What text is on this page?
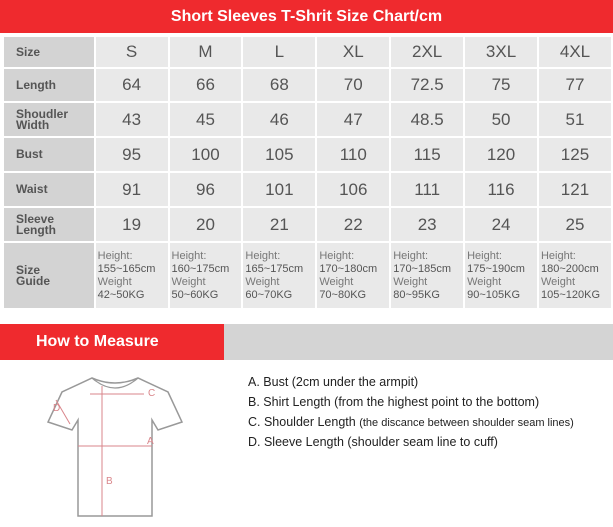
Short Sleeves T-Shrit Size Chart/cm
Size	S	M	L	XL	2XL	3XL	4XL
Length	64	66	68	70	72.5	75	77
Shoudler
Width	43	45	46	47	48.5	50	51
Bust	95	100	105	110	115	120	125
Waist	91	96	101	106	111	116	121
Sleeve
Length	19	20	21	22	23	24	25
Size
Guide	Height:
155~165cm
Weight
42~50KG	Height:
160~175cm
Weight
50~60KG	Height:
165~175cm
Weight
60~70KG	Height:
170~180cm
Weight
70~80KG	Height:
170~185cm
Weight
80~95KG	Height:
175~190cm
Weight
90~105KG	Height:
180~200cm
Weight
105~120KG
How to Measure
C
D
A
B
A. Bust (2cm under the armpit)
B. Shirt Length (from the highest point to the bottom)
C. Shoulder Length (the discance between shoulder seam lines)
D. Sleeve Length (shoulder seam line to cuff)
